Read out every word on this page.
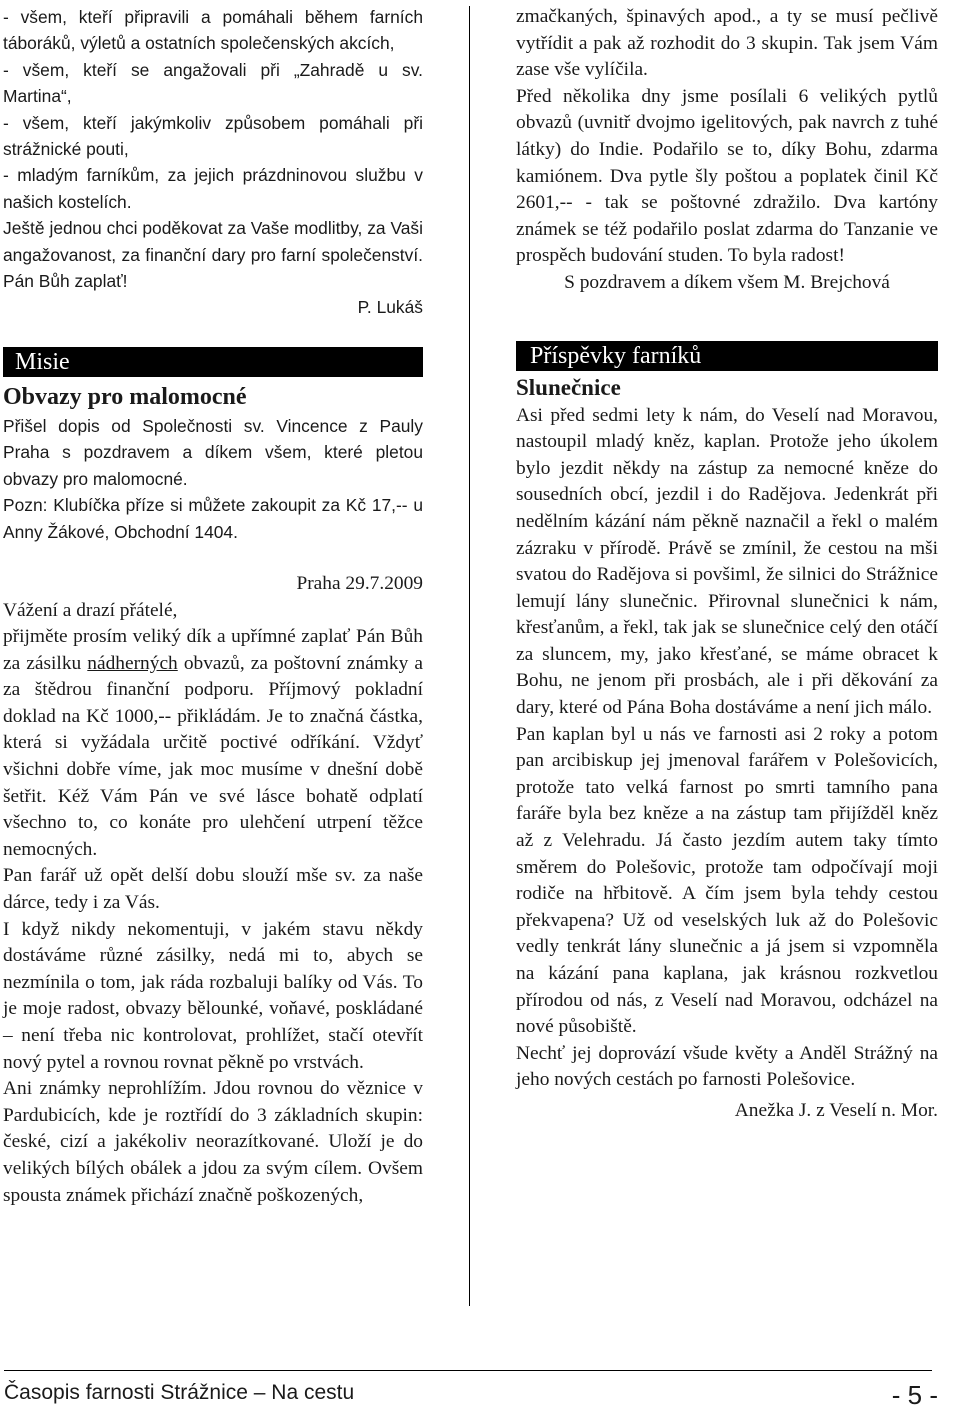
- všem, kteří připravili a pomáhali během farních táboráků, výletů a ostatních společenských akcích,

- všem, kteří se angažovali při „Zahradě u sv. Martina“,

- všem, kteří jakýmkoliv způsobem pomáhali při strážnické pouti,

- mladým farníkům, za jejich prázdninovou službu v našich kostelích.

Ještě jednou chci poděkovat za Vaše modlitby, za Vaši angažovanost, za finanční dary pro farní společenství. Pán Bůh zaplať!

P. Lukáš

Misie
Obvazy pro malomocné

Přišel dopis od Společnosti sv. Vincence z Pauly Praha s pozdravem a díkem všem, které pletou obvazy pro malomocné.

Pozn: Klubíčka příze si můžete zakoupit za Kč 17,-- u Anny Žákové, Obchodní 1404.

Praha 29.7.2009

Vážení a drazí přátelé,

přijměte prosím veliký dík a upřímné zaplať Pán Bůh za zásilku nádherných obvazů, za poštovní známky a za štědrou finanční podporu. Příjmový pokladní doklad na Kč 1000,-- přikládám. Je to značná částka, která si vyžádala určitě poctivé odříkání. Vždyť všichni dobře víme, jak moc musíme v dnešní době šetřit. Kéž Vám Pán ve své lásce bohatě odplatí všechno to, co konáte pro ulehčení utrpení těžce nemocných.

Pan farář už opět delší dobu slouží mše sv. za naše dárce, tedy i za Vás.

I když nikdy nekomentuji, v jakém stavu někdy dostáváme různé zásilky, nedá mi to, abych se nezmínila o tom, jak ráda rozbaluji balíky od Vás. To je moje radost, obvazy bělounké, voňavé, poskládané – není třeba nic kontrolovat, prohlížet, stačí otevřít nový pytel a rovnou rovnat pěkně po vrstvách.

Ani známky neprohlížím. Jdou rovnou do věznice v Pardubicích, kde je roztřídí do 3 základních skupin: české, cizí a jakékoliv neorazítkované. Uloží je do velikých bílých obálek a jdou za svým cílem. Ovšem spousta známek přichází značně poškozených,

zmačkaných, špinavých apod., a ty se musí pečlivě vytřídit a pak až rozhodit do 3 skupin. Tak jsem Vám zase vše vylíčila.

Před několika dny jsme posílali 6 velikých pytlů obvazů (uvnitř dvojmo igelitových, pak navrch z tuhé látky) do Indie. Podařilo se to, díky Bohu, zdarma kamiónem. Dva pytle šly poštou a poplatek činil Kč 2601,-- - tak se poštovné zdražilo. Dva kartóny známek se též podařilo poslat zdarma do Tanzanie ve prospěch budování studen. To byla radost!

S pozdravem a díkem všem M. Brejchová

Příspěvky farníků
Slunečnice

Asi před sedmi lety k nám, do Veselí nad Moravou, nastoupil mladý kněz, kaplan. Protože jeho úkolem bylo jezdit někdy na zástup za nemocné kněze do sousedních obcí, jezdil i do Radějova. Jedenkrát při nedělním kázání nám pěkně naznačil a řekl o malém zázraku v přírodě. Právě se zmínil, že cestou na mši svatou do Radějova si povšiml, že silnici do Strážnice lemují lány slunečnic. Přirovnal slunečnici k nám, křesťanům, a řekl, tak jak se slunečnice celý den otáčí za sluncem, my, jako křesťané, se máme obracet k Bohu, ne jenom při prosbách, ale i při děkování za dary, které od Pána Boha dostáváme a není jich málo.

Pan kaplan byl u nás ve farnosti asi 2 roky a potom pan arcibiskup jej jmenoval farářem v Polešovicích, protože tato velká farnost po smrti tamního pana faráře byla bez kněze a na zástup tam přijížděl kněz až z Velehradu. Já často jezdím autem taky tímto směrem do Polešovic, protože tam odpočívají moji rodiče na hřbitově. A čím jsem byla tehdy cestou překvapena? Už od veselských luk až do Polešovic vedly tenkrát lány slunečnic a já jsem si vzpomněla na kázání pana kaplana, jak krásnou rozkvetlou přírodou od nás, z Veselí nad Moravou, odcházel na nové působiště.

Nechť jej doprovází všude květy a Anděl Strážný na jeho nových cestách po farnosti Polešovice.

Anežka J. z Veselí n. Mor.

Časopis farnosti Strážnice – Na cestu	- 5 -
